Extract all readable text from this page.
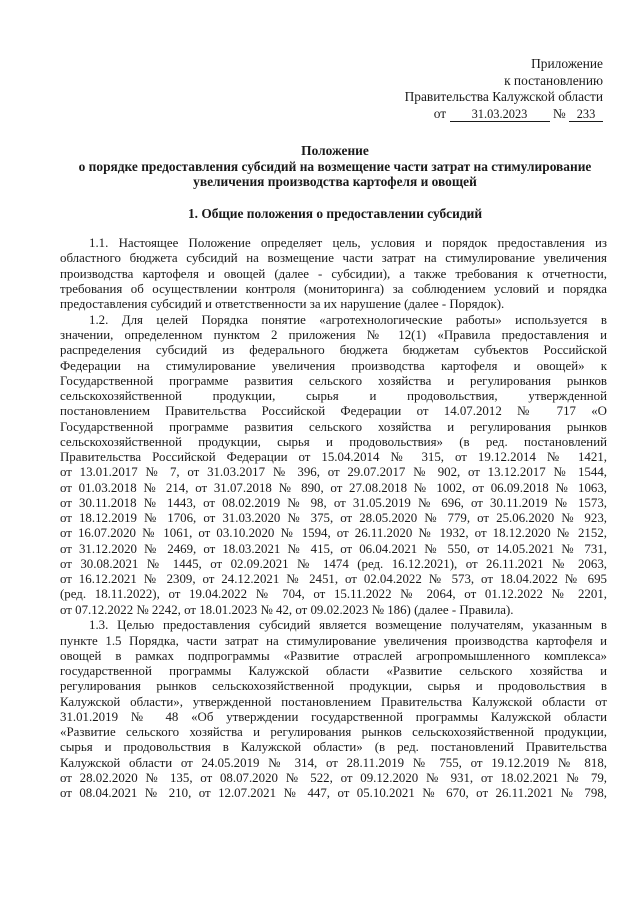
Приложение
к постановлению
Правительства Калужской области
от 31.03.2023 № 233
Положение
о порядке предоставления субсидий на возмещение части затрат на стимулирование
увеличения производства картофеля и овощей
1. Общие положения о предоставлении субсидий
1.1. Настоящее Положение определяет цель, условия и порядок предоставления из
областного бюджета субсидий на возмещение части затрат на стимулирование увеличения
производства картофеля и овощей (далее - субсидии), а также требования к отчетности,
требования об осуществлении контроля (мониторинга) за соблюдением условий и порядка
предоставления субсидий и ответственности за их нарушение (далее - Порядок).
1.2. Для целей Порядка понятие «агротехнологические работы» используется в
значении, определенном пунктом 2 приложения № 12(1) «Правила предоставления и
распределения субсидий из федерального бюджета бюджетам субъектов Российской
Федерации на стимулирование увеличения производства картофеля и овощей» к
Государственной программе развития сельского хозяйства и регулирования рынков
сельскохозяйственной продукции, сырья и продовольствия, утвержденной
постановлением Правительства Российской Федерации от 14.07.2012 № 717 «О
Государственной программе развития сельского хозяйства и регулирования рынков
сельскохозяйственной продукции, сырья и продовольствия» (в ред. постановлений
Правительства Российской Федерации от 15.04.2014 № 315, от 19.12.2014 № 1421,
от 13.01.2017 № 7, от 31.03.2017 № 396, от 29.07.2017 № 902, от 13.12.2017 № 1544,
от 01.03.2018 № 214, от 31.07.2018 № 890, от 27.08.2018 № 1002, от 06.09.2018 № 1063,
от 30.11.2018 № 1443, от 08.02.2019 № 98, от 31.05.2019 № 696, от 30.11.2019 № 1573,
от 18.12.2019 № 1706, от 31.03.2020 № 375, от 28.05.2020 № 779, от 25.06.2020 № 923,
от 16.07.2020 № 1061, от 03.10.2020 № 1594, от 26.11.2020 № 1932, от 18.12.2020 № 2152,
от 31.12.2020 № 2469, от 18.03.2021 № 415, от 06.04.2021 № 550, от 14.05.2021 № 731,
от 30.08.2021 № 1445, от 02.09.2021 № 1474 (ред. 16.12.2021), от 26.11.2021 № 2063,
от 16.12.2021 № 2309, от 24.12.2021 № 2451, от 02.04.2022 № 573, от 18.04.2022 № 695
(ред. 18.11.2022), от 19.04.2022 № 704, от 15.11.2022 № 2064, от 01.12.2022 № 2201,
от 07.12.2022 № 2242, от 18.01.2023 № 42, от 09.02.2023 № 186) (далее - Правила).
1.3. Целью предоставления субсидий является возмещение получателям, указанным в
пункте 1.5 Порядка, части затрат на стимулирование увеличения производства картофеля и
овощей в рамках подпрограммы «Развитие отраслей агропромышленного комплекса»
государственной программы Калужской области «Развитие сельского хозяйства и
регулирования рынков сельскохозяйственной продукции, сырья и продовольствия в
Калужской области», утвержденной постановлением Правительства Калужской области от
31.01.2019 № 48 «Об утверждении государственной программы Калужской области
«Развитие сельского хозяйства и регулирования рынков сельскохозяйственной продукции,
сырья и продовольствия в Калужской области» (в ред. постановлений Правительства
Калужской области от 24.05.2019 № 314, от 28.11.2019 № 755, от 19.12.2019 № 818,
от 28.02.2020 № 135, от 08.07.2020 № 522, от 09.12.2020 № 931, от 18.02.2021 № 79,
от 08.04.2021 № 210, от 12.07.2021 № 447, от 05.10.2021 № 670, от 26.11.2021 № 798,
